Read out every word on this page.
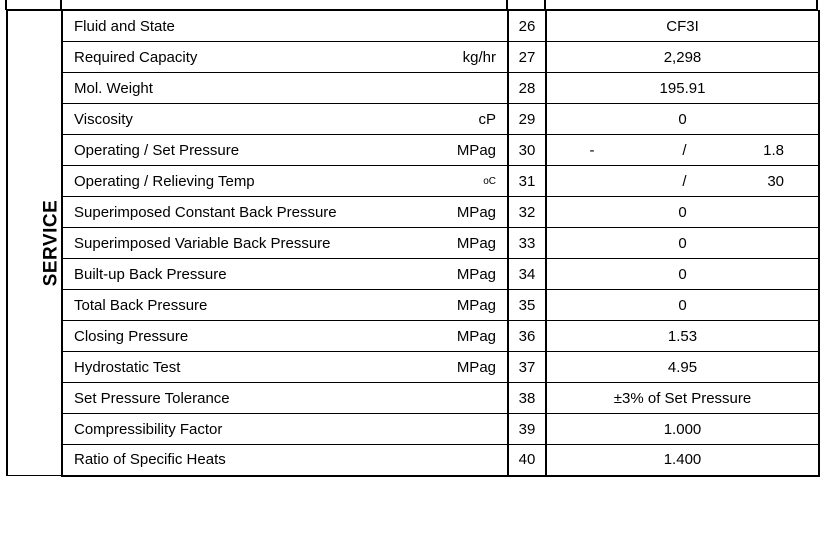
SERVICE	Fluid and State		26	CF3I
	Required Capacity	kg/hr	27	2,298
	Mol. Weight		28	195.91
	Viscosity	cP	29	0
	Operating / Set Pressure	MPag	30	- / 1.8

	Operating / Relieving Temp	oC	31	/ 30

	Superimposed Constant Back Pressure	MPag	32	0
	Superimposed Variable Back Pressure	MPag	33	0
	Built-up Back Pressure	MPag	34	0
	Total Back Pressure	MPag	35	0
	Closing Pressure	MPag	36	1.53
	Hydrostatic Test	MPag	37	4.95
	Set Pressure Tolerance		38	±3% of Set Pressure
	Compressibility Factor		39	1.000
	Ratio of Specific Heats		40	1.400
